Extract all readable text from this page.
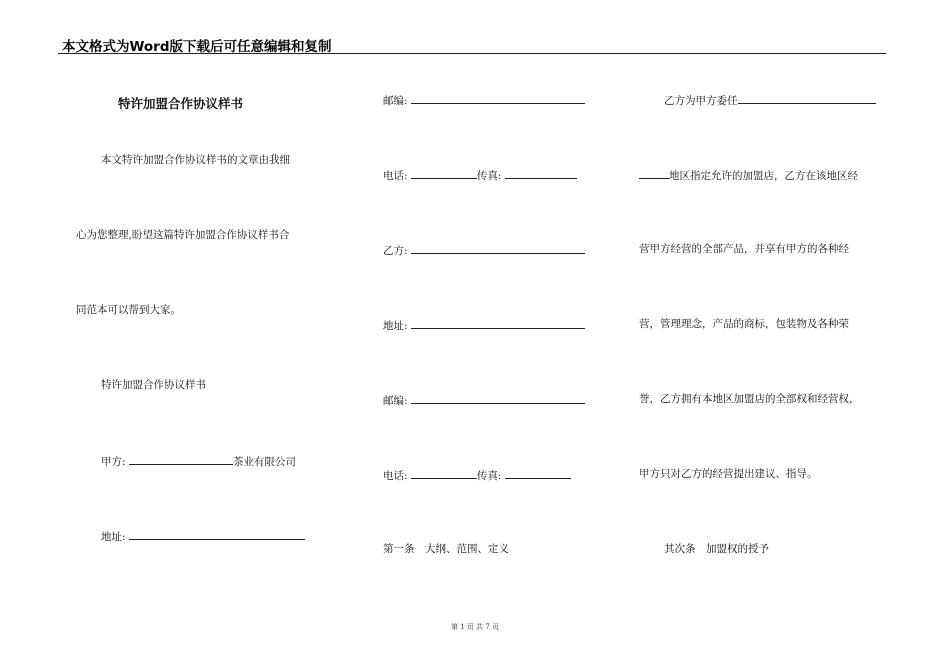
本文格式为Word版下载后可任意编辑和复制
特许加盟合作协议样书
本文特许加盟合作协议样书的文章由我细
心为您整理,盼望这篇特许加盟合作协议样书合
同范本可以帮到大家。
特许加盟合作协议样书
甲方:	茶业有限公司
地址:
邮编:
电话:	传真:
乙方:
地址:
邮编:
电话:	传真:
第一条　大纲、范围、定义
乙方为甲方委任
地区指定允许的加盟店，乙方在该地区经
营甲方经营的全部产品，并享有甲方的各种经
营，管理理念，产品的商标，包装物及各种荣
誉，乙方拥有本地区加盟店的全部权和经营权，
甲方只对乙方的经营提出建议、指导。
其次条　加盟权的授予
第 1 页 共 7 页
